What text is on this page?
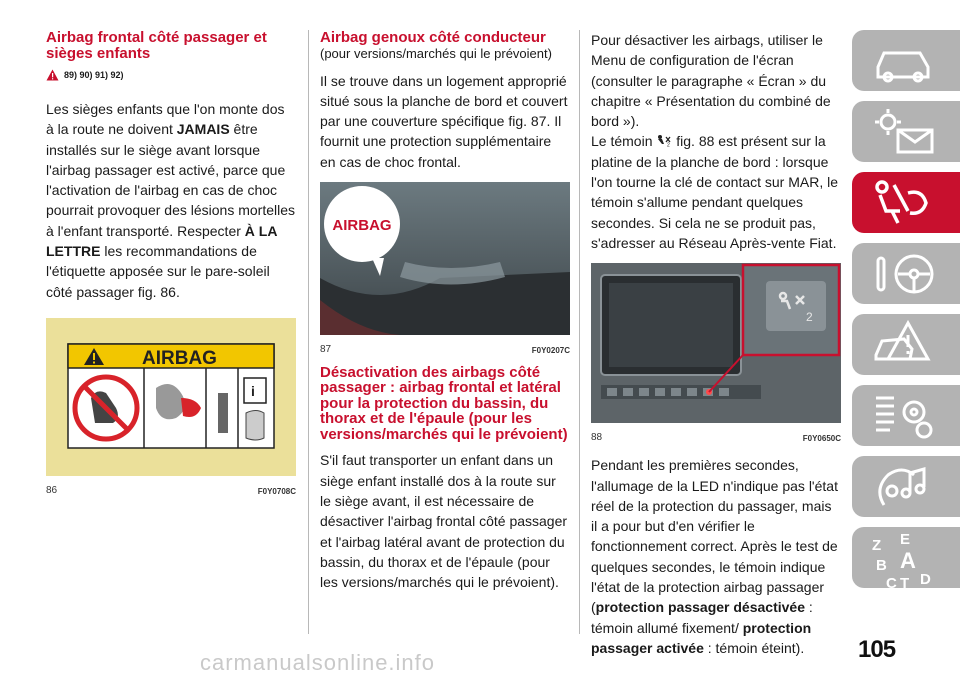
Airbag frontal côté passager et sièges enfants
89) 90) 91) 92)

Les sièges enfants que l'on monte dos à la route ne doivent JAMAIS être installés sur le siège avant lorsque l'airbag passager est activé, parce que l'activation de l'airbag en cas de choc pourrait provoquer des lésions mortelles à l'enfant transporté. Respecter À LA LETTRE les recommandations de l'étiquette apposée sur le pare-soleil côté passager fig. 86.

AIRBAG
i
86	F0Y0708C
Airbag genoux côté conducteur
(pour versions/marchés qui le prévoient)

Il se trouve dans un logement approprié situé sous la planche de bord et couvert par une couverture spécifique fig. 87. Il fournit une protection supplémentaire en cas de choc frontal.

AIRBAG
87	F0Y0207C
Désactivation des airbags côté passager : airbag frontal et latéral pour la protection du bassin, du thorax et de l'épaule (pour les versions/marchés qui le prévoient)

S'il faut transporter un enfant dans un siège enfant installé dos à la route sur le siège avant, il est nécessaire de désactiver l'airbag frontal côté passager et l'airbag latéral avant de protection du bassin, du thorax et de l'épaule (pour les versions/marchés qui le prévoient).

Pour désactiver les airbags, utiliser le Menu de configuration de l'écran (consulter le paragraphe « Écran » du chapitre « Présentation du combiné de bord »).

Le témoin 2 fig. 88 est présent sur la platine de la planche de bord : lorsque l'on tourne la clé de contact sur MAR, le témoin s'allume pendant quelques secondes. Si cela ne se produit pas, s'adresser au Réseau Après-vente Fiat.

2
88	F0Y0650C

Pendant les premières secondes, l'allumage de la LED n'indique pas l'état réel de la protection du passager, mais il a pour but d'en vérifier le fonctionnement correct. Après le test de quelques secondes, le témoin indique l'état de la protection airbag passager (protection passager désactivée : témoin allumé fixement/ protection passager activée : témoin éteint).

Z E
B A
C T D
105
carmanualsonline.info
